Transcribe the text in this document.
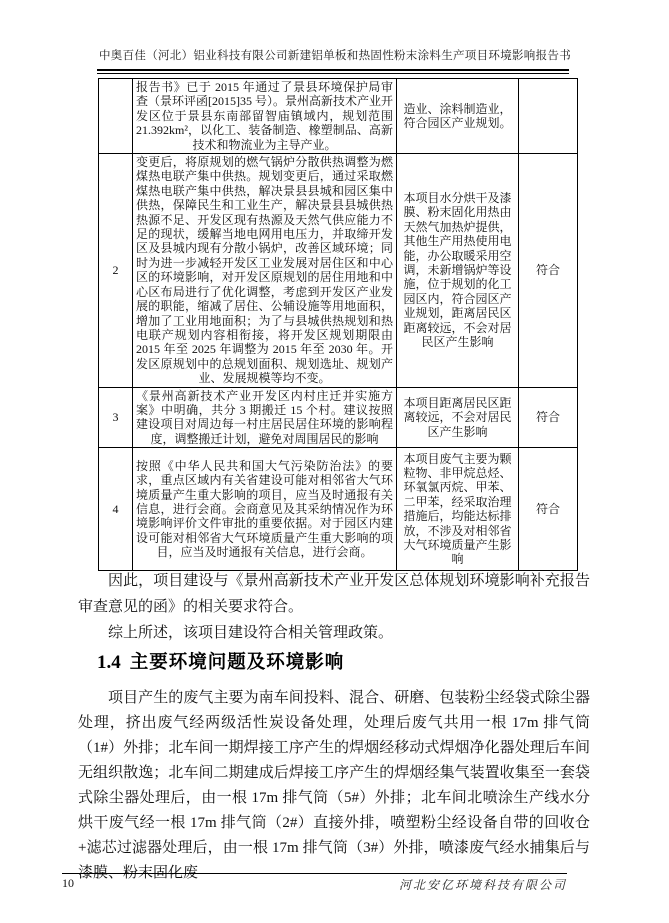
中奥百佳（河北）铝业科技有限公司新建铝单板和热固性粉末涂料生产项目环境影响报告书
	报告书》已于 2015 年通过了景县环境保护局审查（景环评函[2015]35 号）。景州高新技术产业开发区位于景县东南部留智庙镇域内，规划范围 21.392km²，以化工、装备制造、橡塑制品、高新技术和物流业为主导产业。	造业、涂料制造业，符合园区产业规划。	
2	变更后，将原规划的燃气锅炉分散供热调整为燃煤热电联产集中供热。规划变更后，通过采取燃煤热电联产集中供热，解决景县县城和园区集中供热，保障民生和工业生产，解决景县县城供热热源不足、开发区现有热源及天然气供应能力不足的现状，缓解当地电网用电压力，并取缔开发区及县城内现有分散小锅炉，改善区域环境；同时为进一步减轻开发区工业发展对居住区和中心区的环境影响，对开发区原规划的居住用地和中心区布局进行了优化调整，考虑到开发区产业发展的职能，缩减了居住、公辅设施等用地面积，增加了工业用地面积；为了与县城供热规划和热电联产规划内容相衔接，将开发区规划期限由 2015 年至 2025 年调整为 2015 年至 2030 年。开发区原规划中的总规划面积、规划选址、规划产业、发展规模等均不变。	本项目水分烘干及漆膜、粉末固化用热由天然气加热炉提供，其他生产用热使用电能，办公取暖采用空调，未新增锅炉等设施，位于规划的化工园区内，符合园区产业规划，距离居民区距离较远，不会对居民区产生影响	符合
3	《景州高新技术产业开发区内村庄迁并实施方案》中明确，共分 3 期搬迁 15 个村。建议按照建设项目对周边每一村庄居民居住环境的影响程度，调整搬迁计划，避免对周围居民的影响	本项目距离居民区距离较远，不会对居民区产生影响	符合
4	按照《中华人民共和国大气污染防治法》的要求，重点区域内有关省建设可能对相邻省大气环境质量产生重大影响的项目，应当及时通报有关信息，进行会商。会商意见及其采纳情况作为环境影响评价文件审批的重要依据。对于园区内建设可能对相邻省大气环境质量产生重大影响的项目，应当及时通报有关信息，进行会商。	本项目废气主要为颗粒物、非甲烷总烃、环氧氯丙烷、甲苯、二甲苯，经采取治理措施后，均能达标排放，不涉及对相邻省大气环境质量产生影响	符合

因此，项目建设与《景州高新技术产业开发区总体规划环境影响补充报告审查意见的函》的相关要求符合。

综上所述，该项目建设符合相关管理政策。

1.4 主要环境问题及环境影响
项目产生的废气主要为南车间投料、混合、研磨、包装粉尘经袋式除尘器处理，挤出废气经两级活性炭设备处理，处理后废气共用一根 17m 排气筒（1#）外排；北车间一期焊接工序产生的焊烟经移动式焊烟净化器处理后车间无组织散逸；北车间二期建成后焊接工序产生的焊烟经集气装置收集至一套袋式除尘器处理后，由一根 17m 排气筒（5#）外排；北车间北喷涂生产线水分烘干废气经一根 17m 排气筒（2#）直接外排，喷塑粉尘经设备自带的回收仓+滤芯过滤器处理后，由一根 17m 排气筒（3#）外排，喷漆废气经水捕集后与漆膜、粉末固化废
10	河北安亿环境科技有限公司
